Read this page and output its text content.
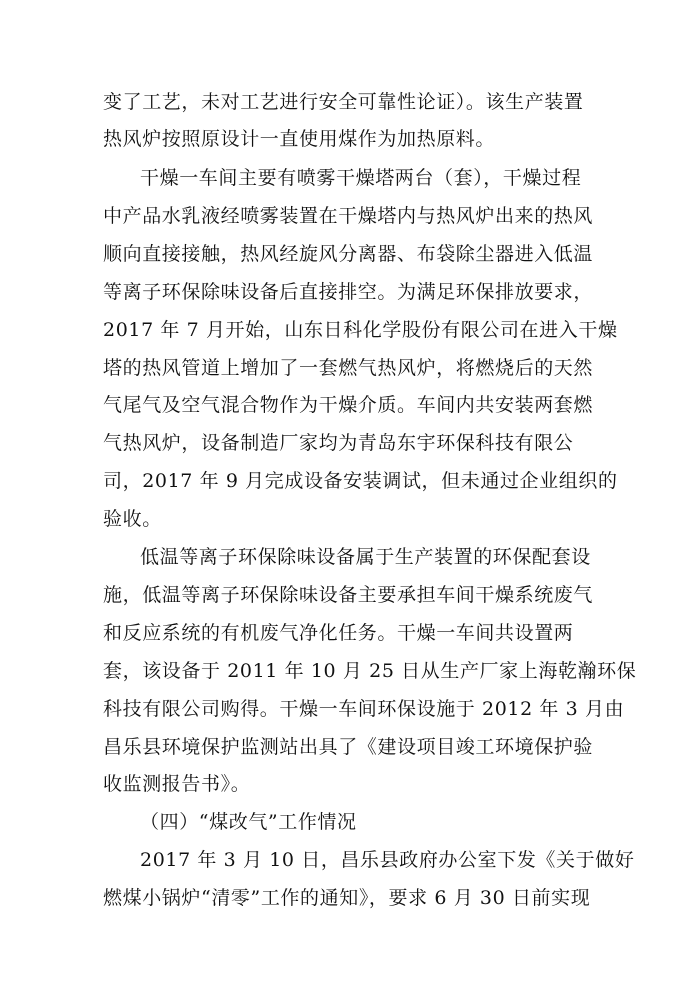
变了工艺，未对工艺进行安全可靠性论证）。该生产装置
热风炉按照原设计一直使用煤作为加热原料。
干燥一车间主要有喷雾干燥塔两台（套），干燥过程
中产品水乳液经喷雾装置在干燥塔内与热风炉出来的热风
顺向直接接触，热风经旋风分离器、布袋除尘器进入低温
等离子环保除味设备后直接排空。为满足环保排放要求，
2017 年 7 月开始，山东日科化学股份有限公司在进入干燥
塔的热风管道上增加了一套燃气热风炉，将燃烧后的天然
气尾气及空气混合物作为干燥介质。车间内共安装两套燃
气热风炉，设备制造厂家均为青岛东宇环保科技有限公
司，2017 年 9 月完成设备安装调试，但未通过企业组织的
验收。
低温等离子环保除味设备属于生产装置的环保配套设
施，低温等离子环保除味设备主要承担车间干燥系统废气
和反应系统的有机废气净化任务。干燥一车间共设置两
套，该设备于 2011 年 10 月 25 日从生产厂家上海乾瀚环保
科技有限公司购得。干燥一车间环保设施于 2012 年 3 月由
昌乐县环境保护监测站出具了《建设项目竣工环境保护验
收监测报告书》。
（四）“煤改气”工作情况
2017 年 3 月 10 日，昌乐县政府办公室下发《关于做好
燃煤小锅炉“清零”工作的通知》，要求 6 月 30 日前实现
